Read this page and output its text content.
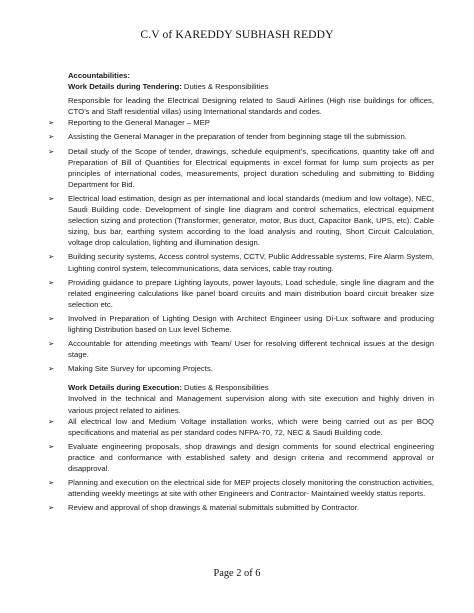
C.V of KAREDDY SUBHASH REDDY
Accountabilities:
Work Details during Tendering: Duties & Responsibilities
Responsible for leading the Electrical Designing related to Saudi Airlines (High rise buildings for offices, CTO’s and Staff residential villas) using International standards and codes.
➢	Reporting to the General Manager – MEP
➢	Assisting the General Manager in the preparation of tender from beginning stage till the submission.
➢	Detail study of the Scope of tender, drawings, schedule equipment’s, specifications, quantity take off and Preparation of Bill of Quantities for Electrical equipments in excel format for lump sum projects as per principles of international codes, measurements, project duration scheduling and submitting to Bidding Department for Bid.
➢	Electrical load estimation, design as per international and local standards (medium and low voltage), NEC, Saudi Building code. Development of single line diagram and control schematics, electrical equipment selection sizing and protection (Transformer, generator, motor, Bus duct, Capacitor Bank, UPS, etc). Cable sizing, bus bar, earthing system according to the load analysis and routing, Short Circuit Calculation, voltage drop calculation, lighting and illumination design.
➢	Building security systems, Access control systems, CCTV, Public Addressable systems, Fire Alarm System, Lighting control system, telecommunications, data services, cable tray routing.
➢	Providing guidance to prepare Lighting layouts, power layouts, Load schedule, single line diagram and the related engineering calculations like panel board circuits and main distribution board circuit breaker size selection etc.
➢	Involved in Preparation of Lighting Design with Architect Engineer using Di-Lux software and producing lighting Distribution based on Lux level Scheme.
➢	Accountable for attending meetings with Team/ User for resolving different technical issues at the design stage.
➢	Making Site Survey for upcoming Projects.
Work Details during Execution: Duties & Responsibilities
Involved in the technical and Management supervision along with site execution and highly driven in various project related to airlines.
➢	All electrical low and Medium Voltage installation works, which were being carried out as per BOQ specifications and material as per standard codes NFPA-70, 72, NEC & Saudi Building code.
➢	Evaluate engineering proposals, shop drawings and design comments for sound electrical engineering practice and conformance with established safety and design criteria and recommend approval or disapproval.
➢	Planning and execution on the electrical side for MEP projects closely monitoring the construction activities, attending weekly meetings at site with other Engineers and Contractor- Maintained weekly status reports.
➢	Review and approval of shop drawings & material submittals submitted by Contractor.
Page 2 of 6
